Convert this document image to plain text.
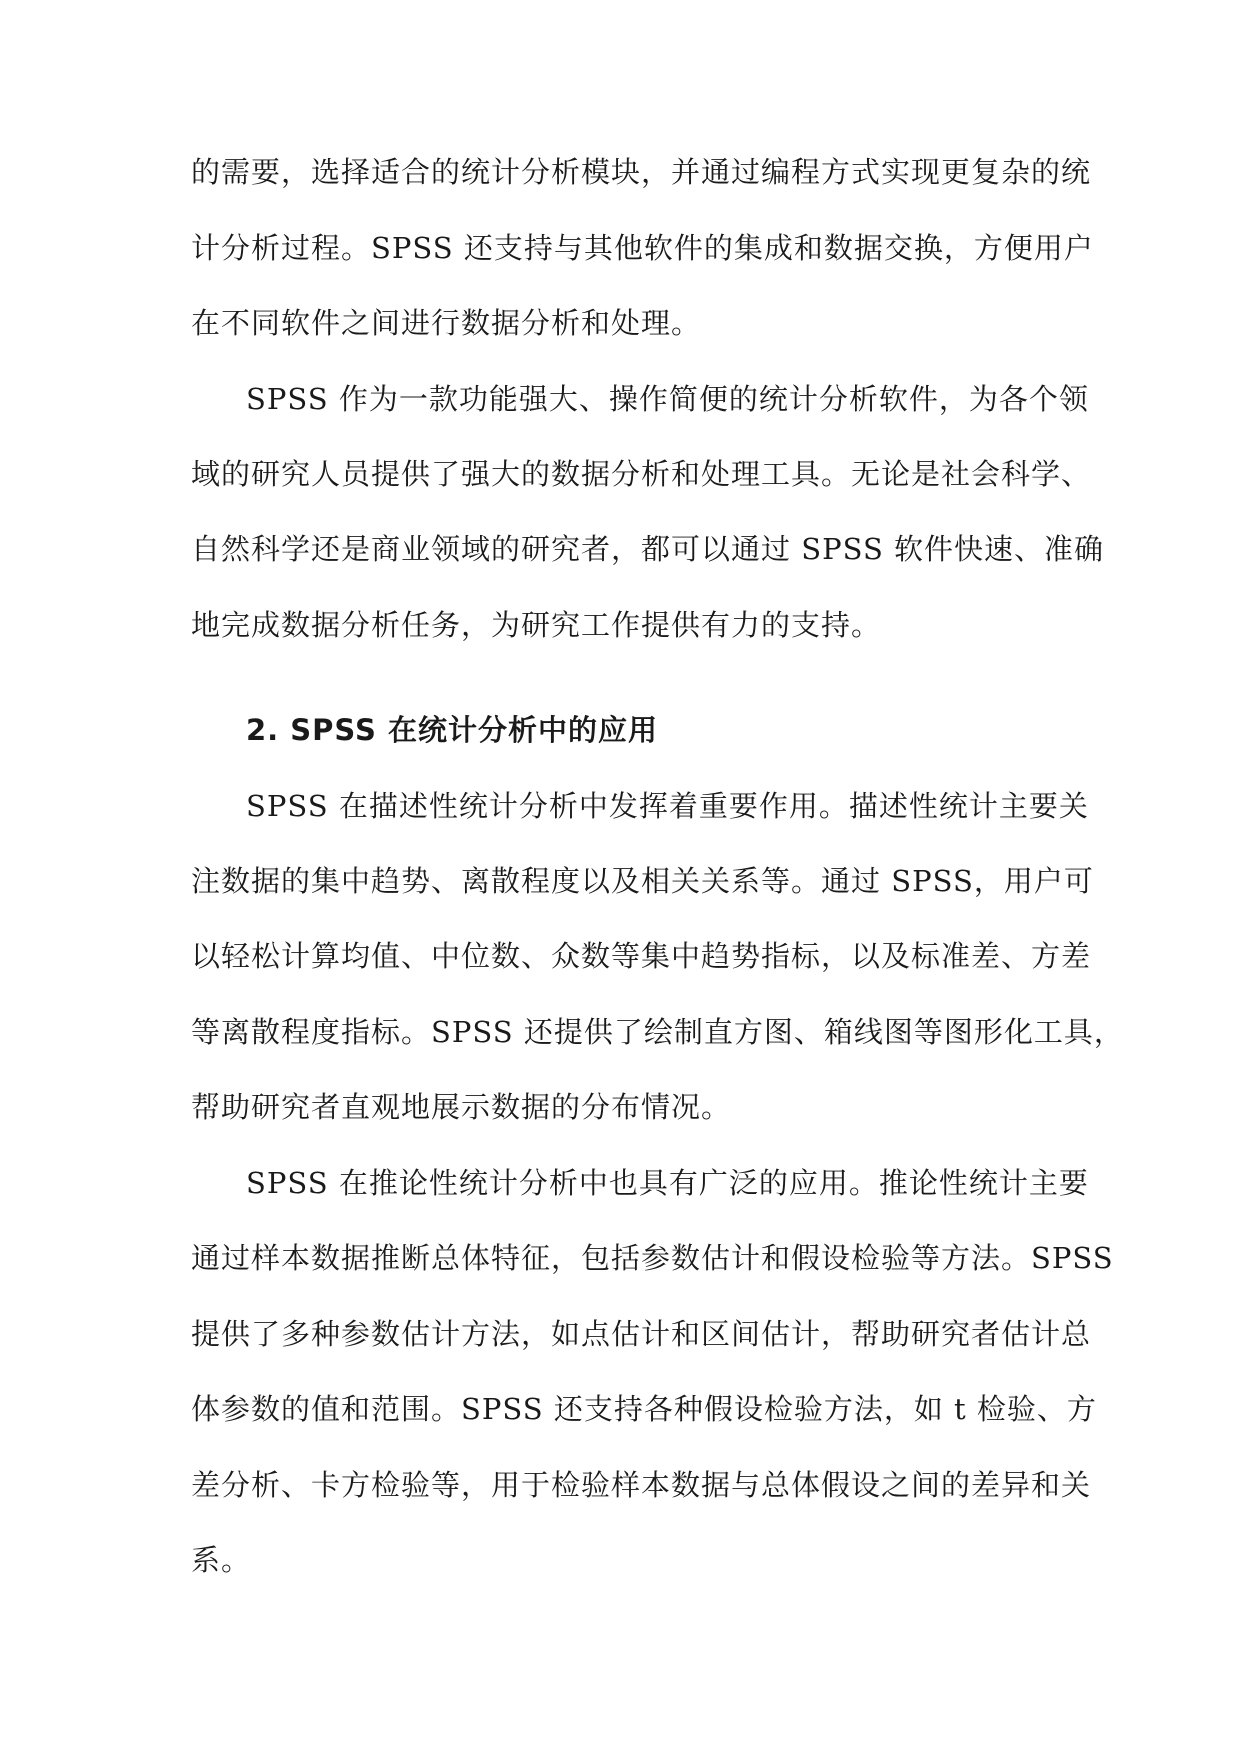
的需要，选择适合的统计分析模块，并通过编程方式实现更复杂的统

计分析过程。SPSS 还支持与其他软件的集成和数据交换，方便用户

在不同软件之间进行数据分析和处理。

SPSS 作为一款功能强大、操作简便的统计分析软件，为各个领

域的研究人员提供了强大的数据分析和处理工具。无论是社会科学、

自然科学还是商业领域的研究者，都可以通过 SPSS 软件快速、准确

地完成数据分析任务，为研究工作提供有力的支持。

2. SPSS 在统计分析中的应用

SPSS 在描述性统计分析中发挥着重要作用。描述性统计主要关

注数据的集中趋势、离散程度以及相关关系等。通过 SPSS，用户可

以轻松计算均值、中位数、众数等集中趋势指标，以及标准差、方差

等离散程度指标。SPSS 还提供了绘制直方图、箱线图等图形化工具，

帮助研究者直观地展示数据的分布情况。

SPSS 在推论性统计分析中也具有广泛的应用。推论性统计主要

通过样本数据推断总体特征，包括参数估计和假设检验等方法。SPSS

提供了多种参数估计方法，如点估计和区间估计，帮助研究者估计总

体参数的值和范围。SPSS 还支持各种假设检验方法，如 t 检验、方

差分析、卡方检验等，用于检验样本数据与总体假设之间的差异和关

系。
